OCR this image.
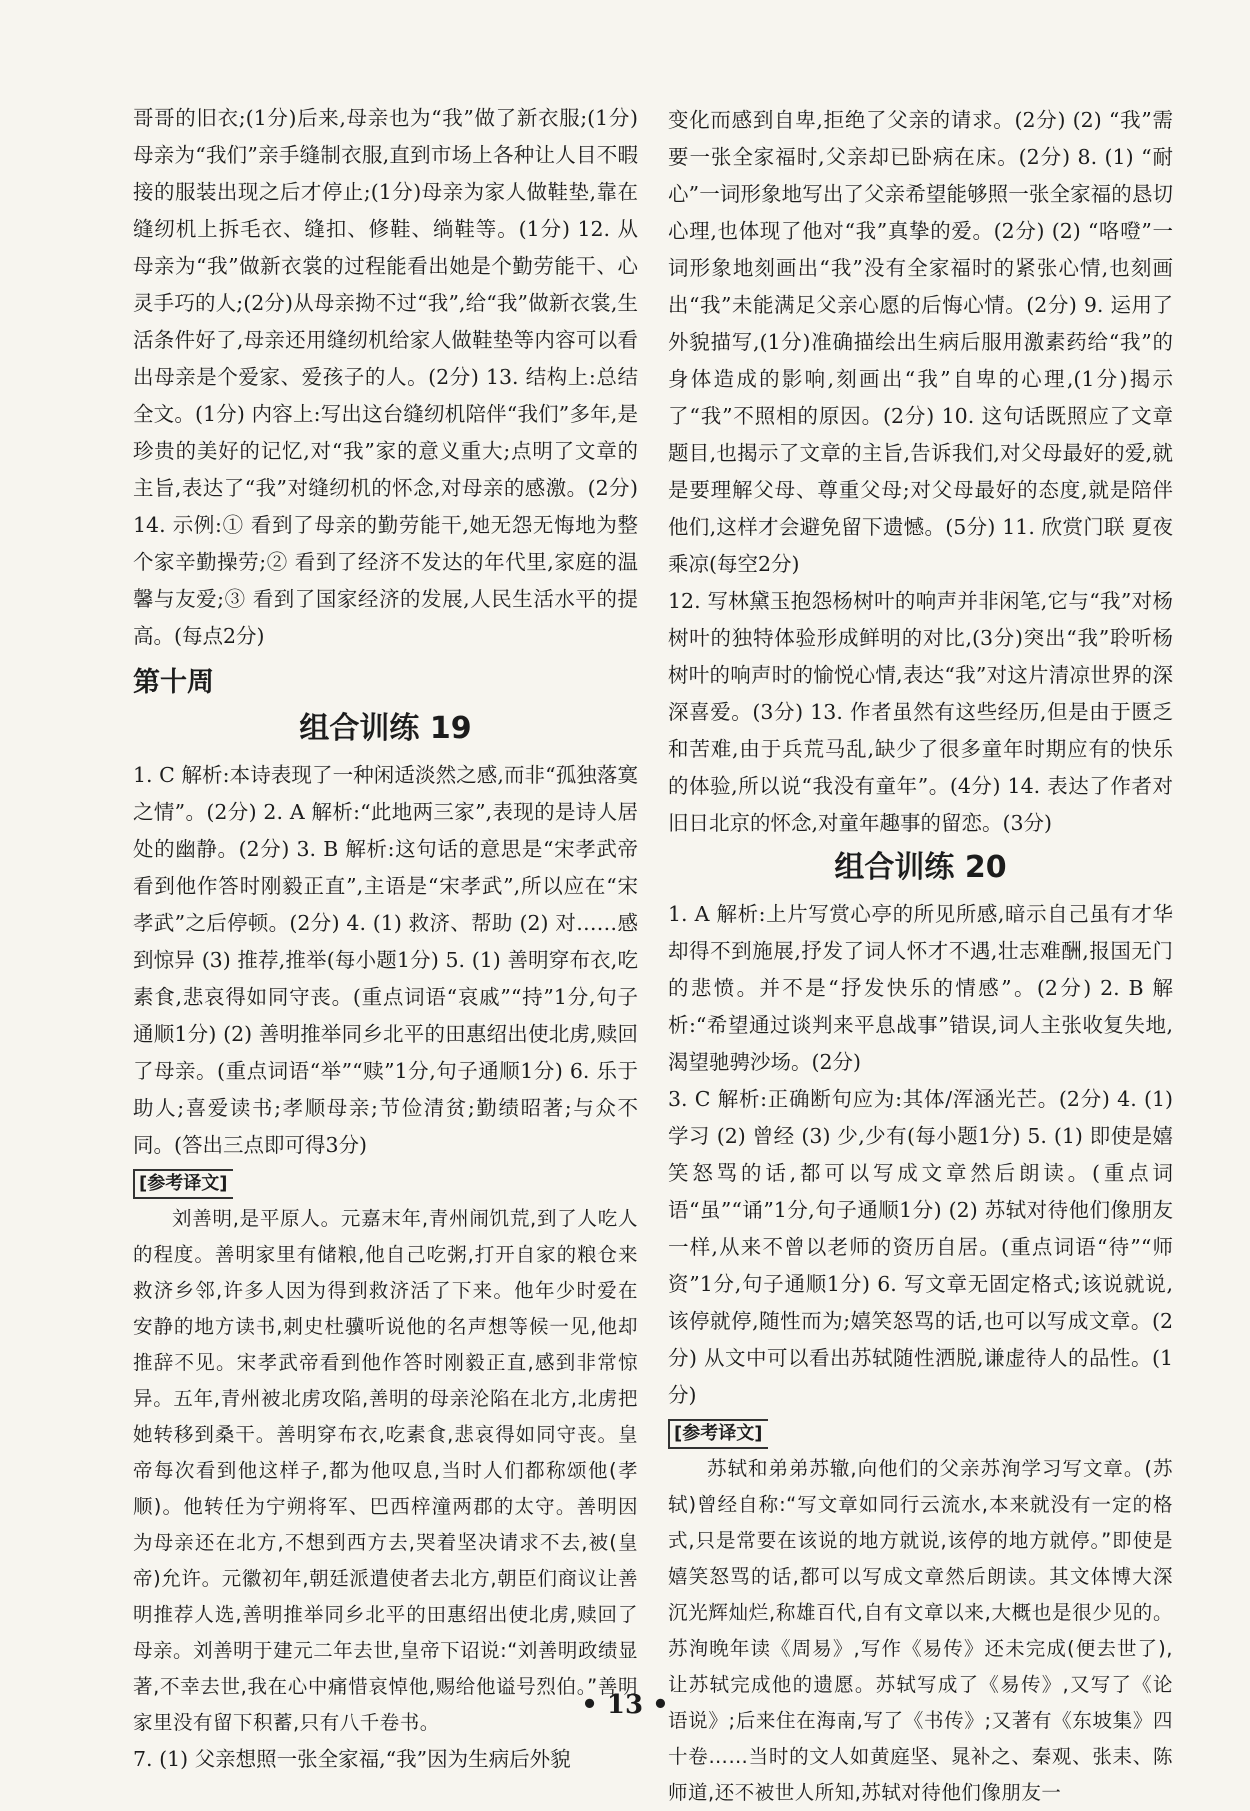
哥哥的旧衣;(1分)后来,母亲也为“我”做了新衣服;(1分)母亲为“我们”亲手缝制衣服,直到市场上各种让人目不暇接的服装出现之后才停止;(1分)母亲为家人做鞋垫,靠在缝纫机上拆毛衣、缝扣、修鞋、绱鞋等。(1分) 12. 从母亲为“我”做新衣裳的过程能看出她是个勤劳能干、心灵手巧的人;(2分)从母亲拗不过“我”,给“我”做新衣裳,生活条件好了,母亲还用缝纫机给家人做鞋垫等内容可以看出母亲是个爱家、爱孩子的人。(2分) 13. 结构上:总结全文。(1分) 内容上:写出这台缝纫机陪伴“我们”多年,是珍贵的美好的记忆,对“我”家的意义重大;点明了文章的主旨,表达了“我”对缝纫机的怀念,对母亲的感激。(2分) 14. 示例:① 看到了母亲的勤劳能干,她无怨无悔地为整个家辛勤操劳;② 看到了经济不发达的年代里,家庭的温馨与友爱;③ 看到了国家经济的发展,人民生活水平的提高。(每点2分)

第十周
组合训练 19

1. C 解析:本诗表现了一种闲适淡然之感,而非“孤独落寞之情”。(2分) 2. A 解析:“此地两三家”,表现的是诗人居处的幽静。(2分) 3. B 解析:这句话的意思是“宋孝武帝看到他作答时刚毅正直”,主语是“宋孝武”,所以应在“宋孝武”之后停顿。(2分) 4. (1) 救济、帮助 (2) 对……感到惊异 (3) 推荐,推举(每小题1分) 5. (1) 善明穿布衣,吃素食,悲哀得如同守丧。(重点词语“哀戚”“持”1分,句子通顺1分) (2) 善明推举同乡北平的田惠绍出使北虏,赎回了母亲。(重点词语“举”“赎”1分,句子通顺1分) 6. 乐于助人;喜爱读书;孝顺母亲;节俭清贫;勤绩昭著;与众不同。(答出三点即可得3分)

[参考译文]

刘善明,是平原人。元嘉末年,青州闹饥荒,到了人吃人的程度。善明家里有储粮,他自己吃粥,打开自家的粮仓来救济乡邻,许多人因为得到救济活了下来。他年少时爱在安静的地方读书,刺史杜骥听说他的名声想等候一见,他却推辞不见。宋孝武帝看到他作答时刚毅正直,感到非常惊异。五年,青州被北虏攻陷,善明的母亲沦陷在北方,北虏把她转移到桑干。善明穿布衣,吃素食,悲哀得如同守丧。皇帝每次看到他这样子,都为他叹息,当时人们都称颂他(孝顺)。他转任为宁朔将军、巴西梓潼两郡的太守。善明因为母亲还在北方,不想到西方去,哭着坚决请求不去,被(皇帝)允许。元徽初年,朝廷派遣使者去北方,朝臣们商议让善明推荐人选,善明推举同乡北平的田惠绍出使北虏,赎回了母亲。刘善明于建元二年去世,皇帝下诏说:“刘善明政绩显著,不幸去世,我在心中痛惜哀悼他,赐给他谥号烈伯。”善明家里没有留下积蓄,只有八千卷书。

7. (1) 父亲想照一张全家福,“我”因为生病后外貌

变化而感到自卑,拒绝了父亲的请求。(2分) (2) “我”需要一张全家福时,父亲却已卧病在床。(2分) 8. (1) “耐心”一词形象地写出了父亲希望能够照一张全家福的恳切心理,也体现了他对“我”真挚的爱。(2分) (2) “咯噔”一词形象地刻画出“我”没有全家福时的紧张心情,也刻画出“我”未能满足父亲心愿的后悔心情。(2分) 9. 运用了外貌描写,(1分)准确描绘出生病后服用激素药给“我”的身体造成的影响,刻画出“我”自卑的心理,(1分)揭示了“我”不照相的原因。(2分) 10. 这句话既照应了文章题目,也揭示了文章的主旨,告诉我们,对父母最好的爱,就是要理解父母、尊重父母;对父母最好的态度,就是陪伴他们,这样才会避免留下遗憾。(5分) 11. 欣赏门联 夏夜乘凉(每空2分)

12. 写林黛玉抱怨杨树叶的响声并非闲笔,它与“我”对杨树叶的独特体验形成鲜明的对比,(3分)突出“我”聆听杨树叶的响声时的愉悦心情,表达“我”对这片清凉世界的深深喜爱。(3分) 13. 作者虽然有这些经历,但是由于匮乏和苦难,由于兵荒马乱,缺少了很多童年时期应有的快乐的体验,所以说“我没有童年”。(4分) 14. 表达了作者对旧日北京的怀念,对童年趣事的留恋。(3分)

组合训练 20

1. A 解析:上片写赏心亭的所见所感,暗示自己虽有才华却得不到施展,抒发了词人怀才不遇,壮志难酬,报国无门的悲愤。并不是“抒发快乐的情感”。(2分) 2. B 解析:“希望通过谈判来平息战事”错误,词人主张收复失地,渴望驰骋沙场。(2分)

3. C 解析:正确断句应为:其体/浑涵光芒。(2分) 4. (1) 学习 (2) 曾经 (3) 少,少有(每小题1分) 5. (1) 即使是嬉笑怒骂的话,都可以写成文章然后朗读。(重点词语“虽”“诵”1分,句子通顺1分) (2) 苏轼对待他们像朋友一样,从来不曾以老师的资历自居。(重点词语“待”“师资”1分,句子通顺1分) 6. 写文章无固定格式;该说就说,该停就停,随性而为;嬉笑怒骂的话,也可以写成文章。(2分) 从文中可以看出苏轼随性洒脱,谦虚待人的品性。(1分)

[参考译文]

苏轼和弟弟苏辙,向他们的父亲苏洵学习写文章。(苏轼)曾经自称:“写文章如同行云流水,本来就没有一定的格式,只是常要在该说的地方就说,该停的地方就停。”即使是嬉笑怒骂的话,都可以写成文章然后朗读。其文体博大深沉光辉灿烂,称雄百代,自有文章以来,大概也是很少见的。苏洵晚年读《周易》,写作《易传》还未完成(便去世了),让苏轼完成他的遗愿。苏轼写成了《易传》,又写了《论语说》;后来住在海南,写了《书传》;又著有《东坡集》四十卷……当时的文人如黄庭坚、晁补之、秦观、张耒、陈师道,还不被世人所知,苏轼对待他们像朋友一

• 13 •
